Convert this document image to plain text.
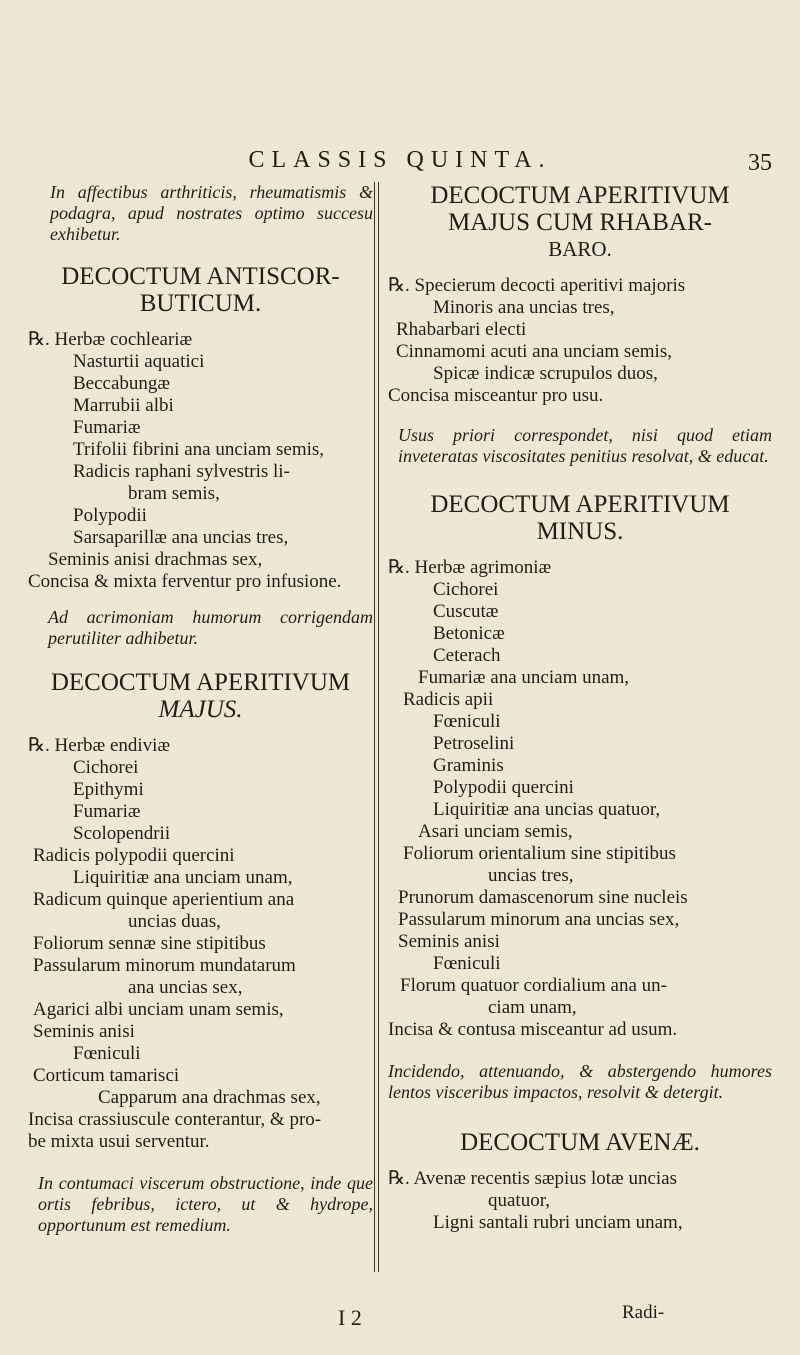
CLASSIS QUINTA.	35
In affectibus arthriticis, rheumatismis & podagra, apud nostrates optimo succesu exhibetur.
DECOCTUM ANTISCOR-
BUTICUM.
℞. Herbæ cochleariæ
Nasturtii aquatici
Beccabungæ
Marrubii albi
Fumariæ
Trifolii fibrini ana unciam semis,
Radicis raphani sylvestris li-
bram semis,
Polypodii
Sarsaparillæ ana uncias tres,
Seminis anisi drachmas sex,
Concisa & mixta ferventur pro infusione.
Ad acrimoniam humorum corrigendam perutiliter adhibetur.
DECOCTUM APERITIVUM
MAJUS.
℞. Herbæ endiviæ
Cichorei
Epithymi
Fumariæ
Scolopendrii
Radicis polypodii quercini
Liquiritiæ ana unciam unam,
Radicum quinque aperientium ana
uncias duas,
Foliorum sennæ sine stipitibus
Passularum minorum mundatarum
ana uncias sex,
Agarici albi unciam unam semis,
Seminis anisi
Fœniculi
Corticum tamarisci
Capparum ana drachmas sex,
Incisa crassiuscule conterantur, & pro-
be mixta usui serventur.
In contumaci viscerum obstructione, inde que ortis febribus, ictero, ut & hydrope, opportunum est remedium.
DECOCTUM APERITIVUM
MAJUS CUM RHABAR-
BARO.
℞. Specierum decocti aperitivi majoris
Minoris ana uncias tres,
Rhabarbari electi
Cinnamomi acuti ana unciam semis,
Spicæ indicæ scrupulos duos,
Concisa misceantur pro usu.
Usus priori correspondet, nisi quod etiam inveteratas viscositates penitius resolvat, & educat.
DECOCTUM APERITIVUM
MINUS.
℞. Herbæ agrimoniæ
Cichorei
Cuscutæ
Betonicæ
Ceterach
Fumariæ ana unciam unam,
Radicis apii
Fœniculi
Petroselini
Graminis
Polypodii quercini
Liquiritiæ ana uncias quatuor,
Asari unciam semis,
Foliorum orientalium sine stipitibus
uncias tres,
Prunorum damascenorum sine nucleis
Passularum minorum ana uncias sex,
Seminis anisi
Fœniculi
Florum quatuor cordialium ana un-
ciam unam,
Incisa & contusa misceantur ad usum.
Incidendo, attenuando, & abstergendo humores lentos visceribus impactos, resolvit & detergit.
DECOCTUM AVENÆ.
℞. Avenæ recentis sæpius lotæ uncias
quatuor,
Ligni santali rubri unciam unam,
I 2	Radi-
